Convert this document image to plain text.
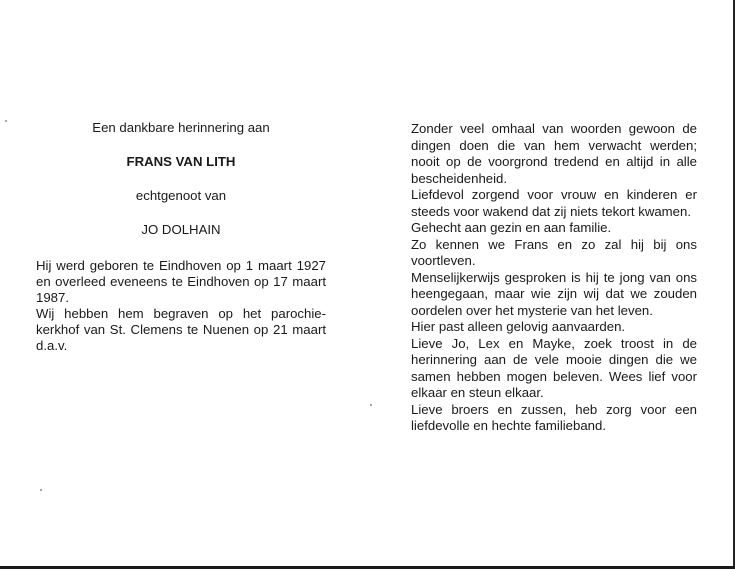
Een dankbare herinnering aan

FRANS VAN LITH

echtgenoot van

JO DOLHAIN

Hij werd geboren te Eindhoven op 1 maart 1927 en overleed eveneens te Eindhoven op 17 maart 1987.

Wij hebben hem begraven op het parochie-kerkhof van St. Clemens te Nuenen op 21 maart d.a.v.

Zonder veel omhaal van woorden gewoon de dingen doen die van hem verwacht werden; nooit op de voorgrond tredend en altijd in alle bescheidenheid.

Liefdevol zorgend voor vrouw en kinderen er steeds voor wakend dat zij niets tekort kwamen.

Gehecht aan gezin en aan familie.

Zo kennen we Frans en zo zal hij bij ons voortleven.

Menselijkerwijs gesproken is hij te jong van ons heengegaan, maar wie zijn wij dat we zouden oordelen over het mysterie van het leven.

Hier past alleen gelovig aanvaarden.

Lieve Jo, Lex en Mayke, zoek troost in de herinnering aan de vele mooie dingen die we samen hebben mogen beleven. Wees lief voor elkaar en steun elkaar.

Lieve broers en zussen, heb zorg voor een liefdevolle en hechte familieband.
